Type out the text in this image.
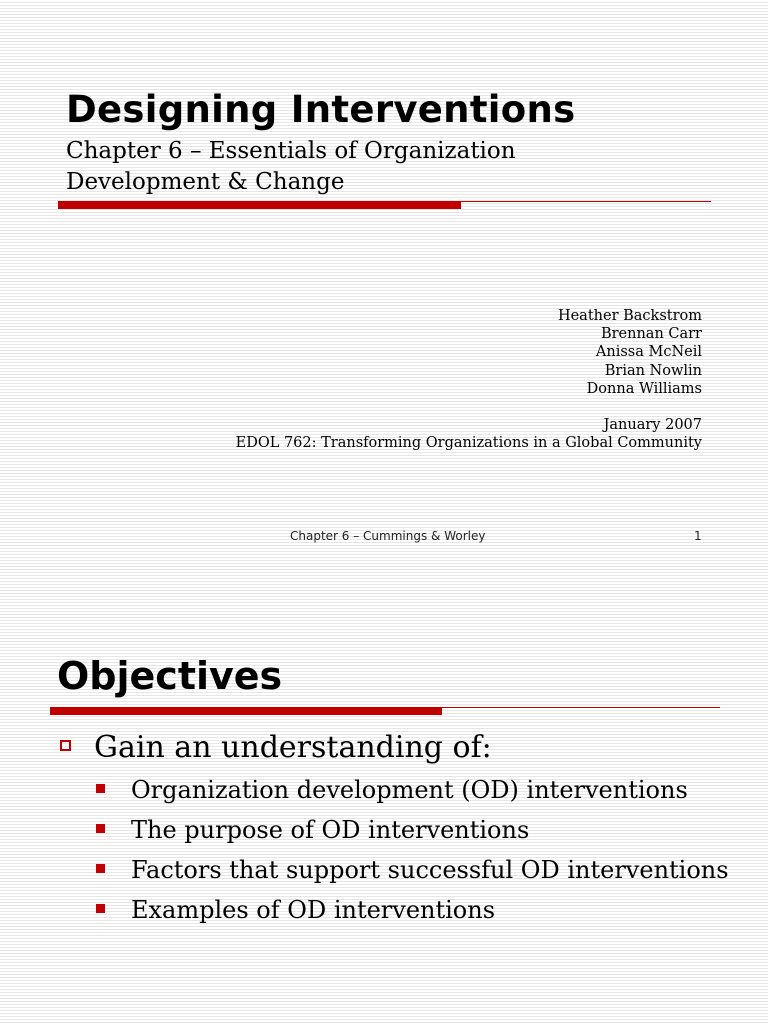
Designing Interventions
Chapter 6 – Essentials of Organization
Development & Change
Heather Backstrom
Brennan Carr
Anissa McNeil
Brian Nowlin
Donna Williams
January 2007
EDOL 762: Transforming Organizations in a Global Community
Chapter 6 – Cummings & Worley	1
Objectives
Gain an understanding of:
Organization development (OD) interventions
The purpose of OD interventions
Factors that support successful OD interventions
Examples of OD interventions
